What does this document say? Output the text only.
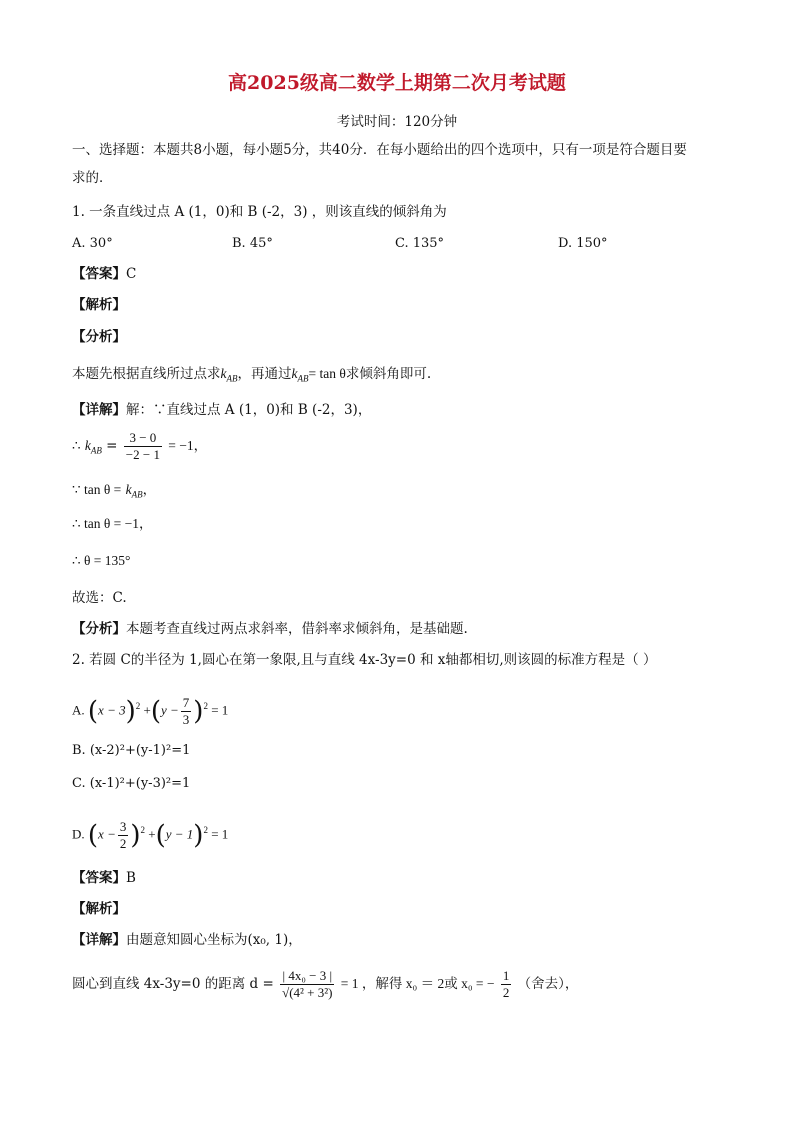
高2025级高二数学上期第二次月考试题
考试时间：120分钟
一、选择题：本题共8小题，每小题5分，共40分．在每小题给出的四个选项中，只有一项是符合题目要
求的．
1. 一条直线过点 A (1，0)和 B (-2，3) ，则该直线的倾斜角为
A. 30°	B. 45°	C. 135°	D. 150°
【答案】C
【解析】
【分析】
本题先根据直线所过点求$k_{AB}$，再通过$k_{AB}= \tan \theta$求倾斜角即可.
【详解】解：∵直线过点 A (1，0)和 B (-2，3)，
∴ $k_{AB} = \frac{3 - 0}{-2 - 1} = -1$，
∵ $\tan \theta = k_{AB}$，
∴ tan θ = −1，
∴ θ = 135°
故选：C.
【分析】本题考查直线过两点求斜率，借斜率求倾斜角，是基础题.
2. 若圆 C的半径为 1,圆心在第一象限,且与直线 4x-3y=0 和 x轴都相切,则该圆的标准方程是（ ）
A. $(x - 3)^2 +(y - \frac{7}{3} )^2 = 1$
B. (x-2)²+(y-1)²=1
C. (x-1)²+(y-3)²=1
D. $(x - \frac{3}{2} )^2 +(y - 1)^2 = 1$
【答案】B
【解析】
【详解】由题意知圆心坐标为(x₀, 1)，
圆心到直线 4x-3y=0 的距离 $d = \frac{\text{| 4x₀ − 3 |}}{\text{√(4² + 3²)}} = 1$ ，解得 x₀ ＝ 2或 x₀ = − $\frac{1}{2}$ （舍去），
